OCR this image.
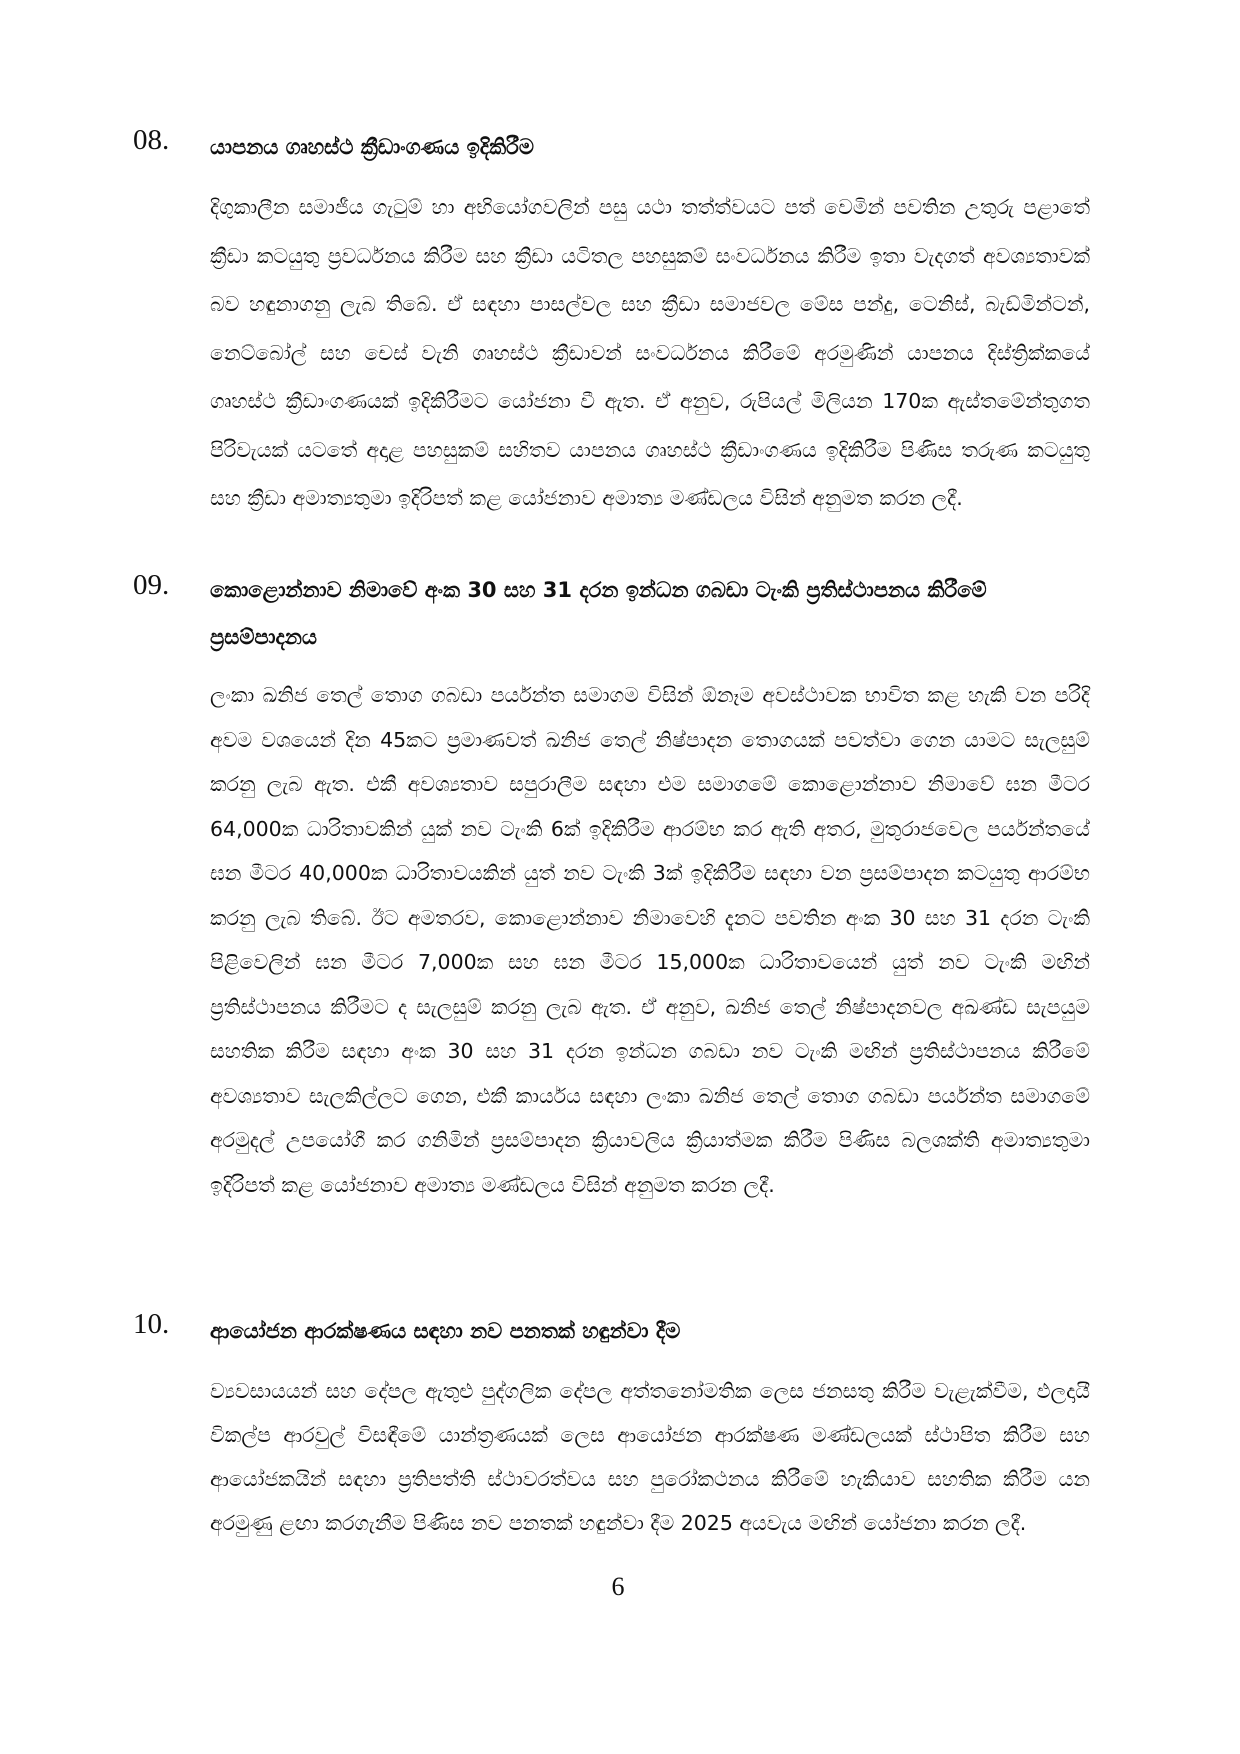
08. යාපනය ගෘහස්ථ ක්‍රීඩාංගණය ඉදිකිරීම

දිගුකාලීන සමාජීය ගැටුම් හා අභියෝගවලින් පසු යථා තත්ත්වයට පත් වෙමින් පවතින උතුරු පළාතේ ක්‍රීඩා කටයුතු ප්‍රවර්ධනය කිරීම සහ ක්‍රීඩා යටිතල පහසුකම් සංවර්ධනය කිරීම ඉතා වැදගත් අවශ්‍යතාවක් බව හඳුනාගනු ලැබ තිබේ. ඒ සඳහා පාසල්වල සහ ක්‍රීඩා සමාජවල මේස පන්දු, ටෙනිස්, බැඩ්මින්ටන්, නෙට්බෝල් සහ චෙස් වැනි ගෘහස්ථ ක්‍රීඩාවන් සංවර්ධනය කිරීමේ අරමුණින් යාපනය දිස්ත්‍රික්කයේ ගෘහස්ථ ක්‍රීඩාංගණයක් ඉදිකිරීමට යෝජනා වී ඇත. ඒ අනුව, රුපියල් මිලියන 170ක ඇස්තමේන්තුගත පිරිවැයක් යටතේ අදාළ පහසුකම් සහිතව යාපනය ගෘහස්ථ ක්‍රීඩාංගණය ඉදිකිරීම පිණිස තරුණ කටයුතු සහ ක්‍රීඩා අමාත්‍යතුමා ඉදිරිපත් කළ යෝජනාව අමාත්‍ය මණ්ඩලය විසින් අනුමත කරන ලදී.

09. කොළොන්නාව නිමාවේ අංක 30 සහ 31 දරන ඉන්ධන ගබඩා ටැංකි ප්‍රතිස්ථාපනය කිරීමේ ප්‍රසම්පාදනය

ලංකා ඛනිජ තෙල් තොග ගබඩා පර්යන්ත සමාගම විසින් ඕනෑම අවස්ථාවක භාවිත කළ හැකි වන පරිදි අවම වශයෙන් දින 45කට ප්‍රමාණවත් ඛනිජ තෙල් නිෂ්පාදන තොගයක් පවත්වා ගෙන යාමට සැලසුම් කරනු ලැබ ඇත. එකී අවශ්‍යතාව සපුරාලීම සඳහා එම සමාගමේ කොළොන්නාව නිමාවේ ඝන මීටර 64,000ක ධාරිතාවකින් යුක් නව ටැංකි 6ක් ඉදිකිරීම ආරම්භ කර ඇති අතර, මුතුරාජවෙල පර්යන්තයේ ඝන මීටර 40,000ක ධාරිතාවයකින් යුත් නව ටැංකි 3ක් ඉදිකිරීම සඳහා වන ප්‍රසම්පාදන කටයුතු ආරම්භ කරනු ලැබ තිබේ. ඊට අමතරව, කොළොන්නාව නිමාවෙහි දැනට පවතින අංක 30 සහ 31 දරන ටැංකි පිළිවෙලින් ඝන මීටර 7,000ක සහ ඝන මීටර 15,000ක ධාරිතාවයෙන් යුත් නව ටැංකි මඟින් ප්‍රතිස්ථාපනය කිරීමට ද සැලසුම් කරනු ලැබ ඇත. ඒ අනුව, ඛනිජ තෙල් නිෂ්පාදනවල අඛණ්ඩ සැපයුම සහතික කිරීම සඳහා අංක 30 සහ 31 දරන ඉන්ධන ගබඩා නව ටැංකි මඟින් ප්‍රතිස්ථාපනය කිරීමේ අවශ්‍යතාව සැලකිල්ලට ගෙන, එකී කාර්යය සඳහා ලංකා ඛනිජ තෙල් තොග ගබඩා පර්යන්ත සමාගමේ අරමුදල් උපයෝගී කර ගනිමින් ප්‍රසම්පාදන ක්‍රියාවලිය ක්‍රියාත්මක කිරීම පිණිස බලශක්ති අමාත්‍යතුමා ඉදිරිපත් කළ යෝජනාව අමාත්‍ය මණ්ඩලය විසින් අනුමත කරන ලදී.

10. ආයෝජන ආරක්ෂණය සඳහා නව පනතක් හඳුන්වා දීම

ව්‍යවසායයන් සහ දේපල ඇතුළු පුද්ගලික දේපල අත්තනෝමතික ලෙස ජනසතු කිරීම වැළැක්වීම, ඵලදායී විකල්ප ආරවුල් විසඳීමේ යාන්ත්‍රණයක් ලෙස ආයෝජන ආරක්ෂණ මණ්ඩලයක් ස්ථාපිත කිරීම සහ ආයෝජකයින් සඳහා ප්‍රතිපත්ති ස්ථාවරත්වය සහ පුරෝකථනය කිරීමේ හැකියාව සහතික කිරීම යන අරමුණු ළඟා කරගැනීම පිණිස නව පනතක් හඳුන්වා දීම 2025 අයවැය මඟින් යෝජනා කරන ලදී.

6
